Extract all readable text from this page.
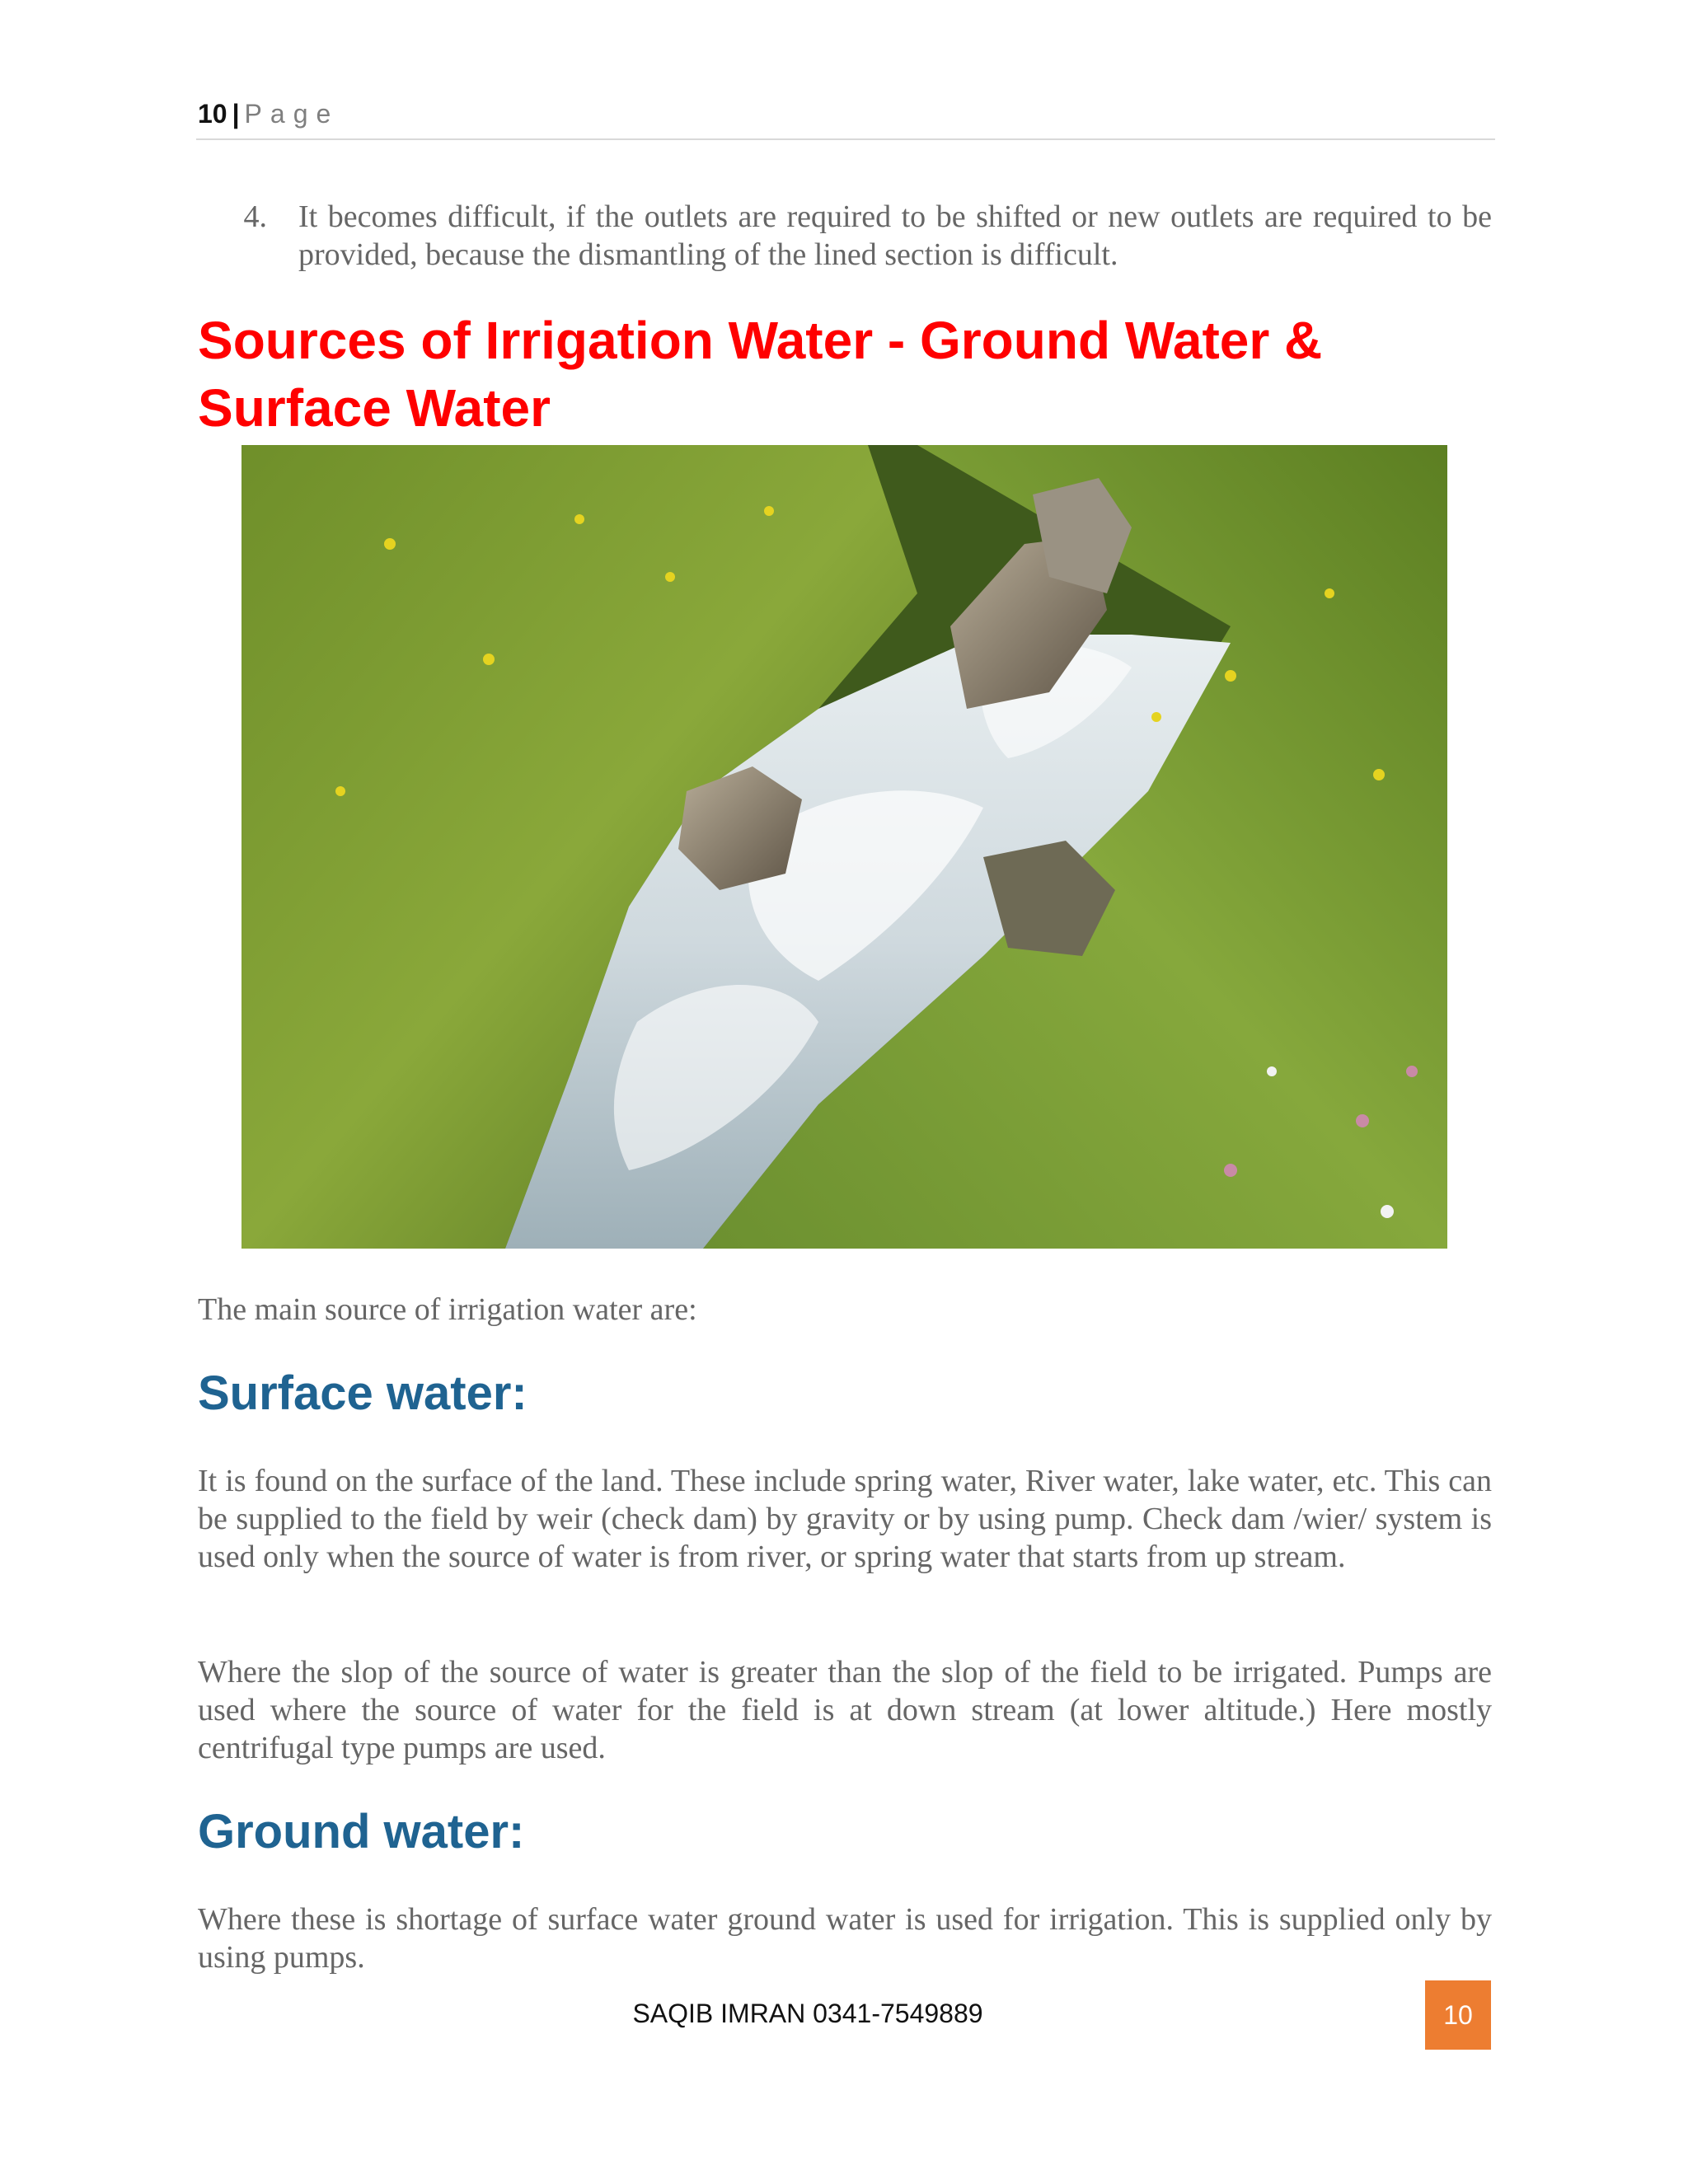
10 | Page
4.	It becomes difficult, if the outlets are required to be shifted or new outlets are required to be provided, because the dismantling of the lined section is difficult.
Sources of Irrigation Water - Ground Water & Surface Water

The main source of irrigation water are:

Surface water:

It is found on the surface of the land. These include spring water, River water, lake water, etc. This can be supplied to the field by weir (check dam) by gravity or by using pump. Check dam /wier/ system is used only when the source of water is from river, or spring water that starts from up stream.

Where the slop of the source of water is greater than the slop of the field to be irrigated. Pumps are used where the source of water for the field is at down stream (at lower altitude.) Here mostly centrifugal type pumps are used.

Ground water:

Where these is shortage of surface water ground water is used for irrigation. This is supplied only by using pumps.

SAQIB IMRAN 0341-7549889	10
